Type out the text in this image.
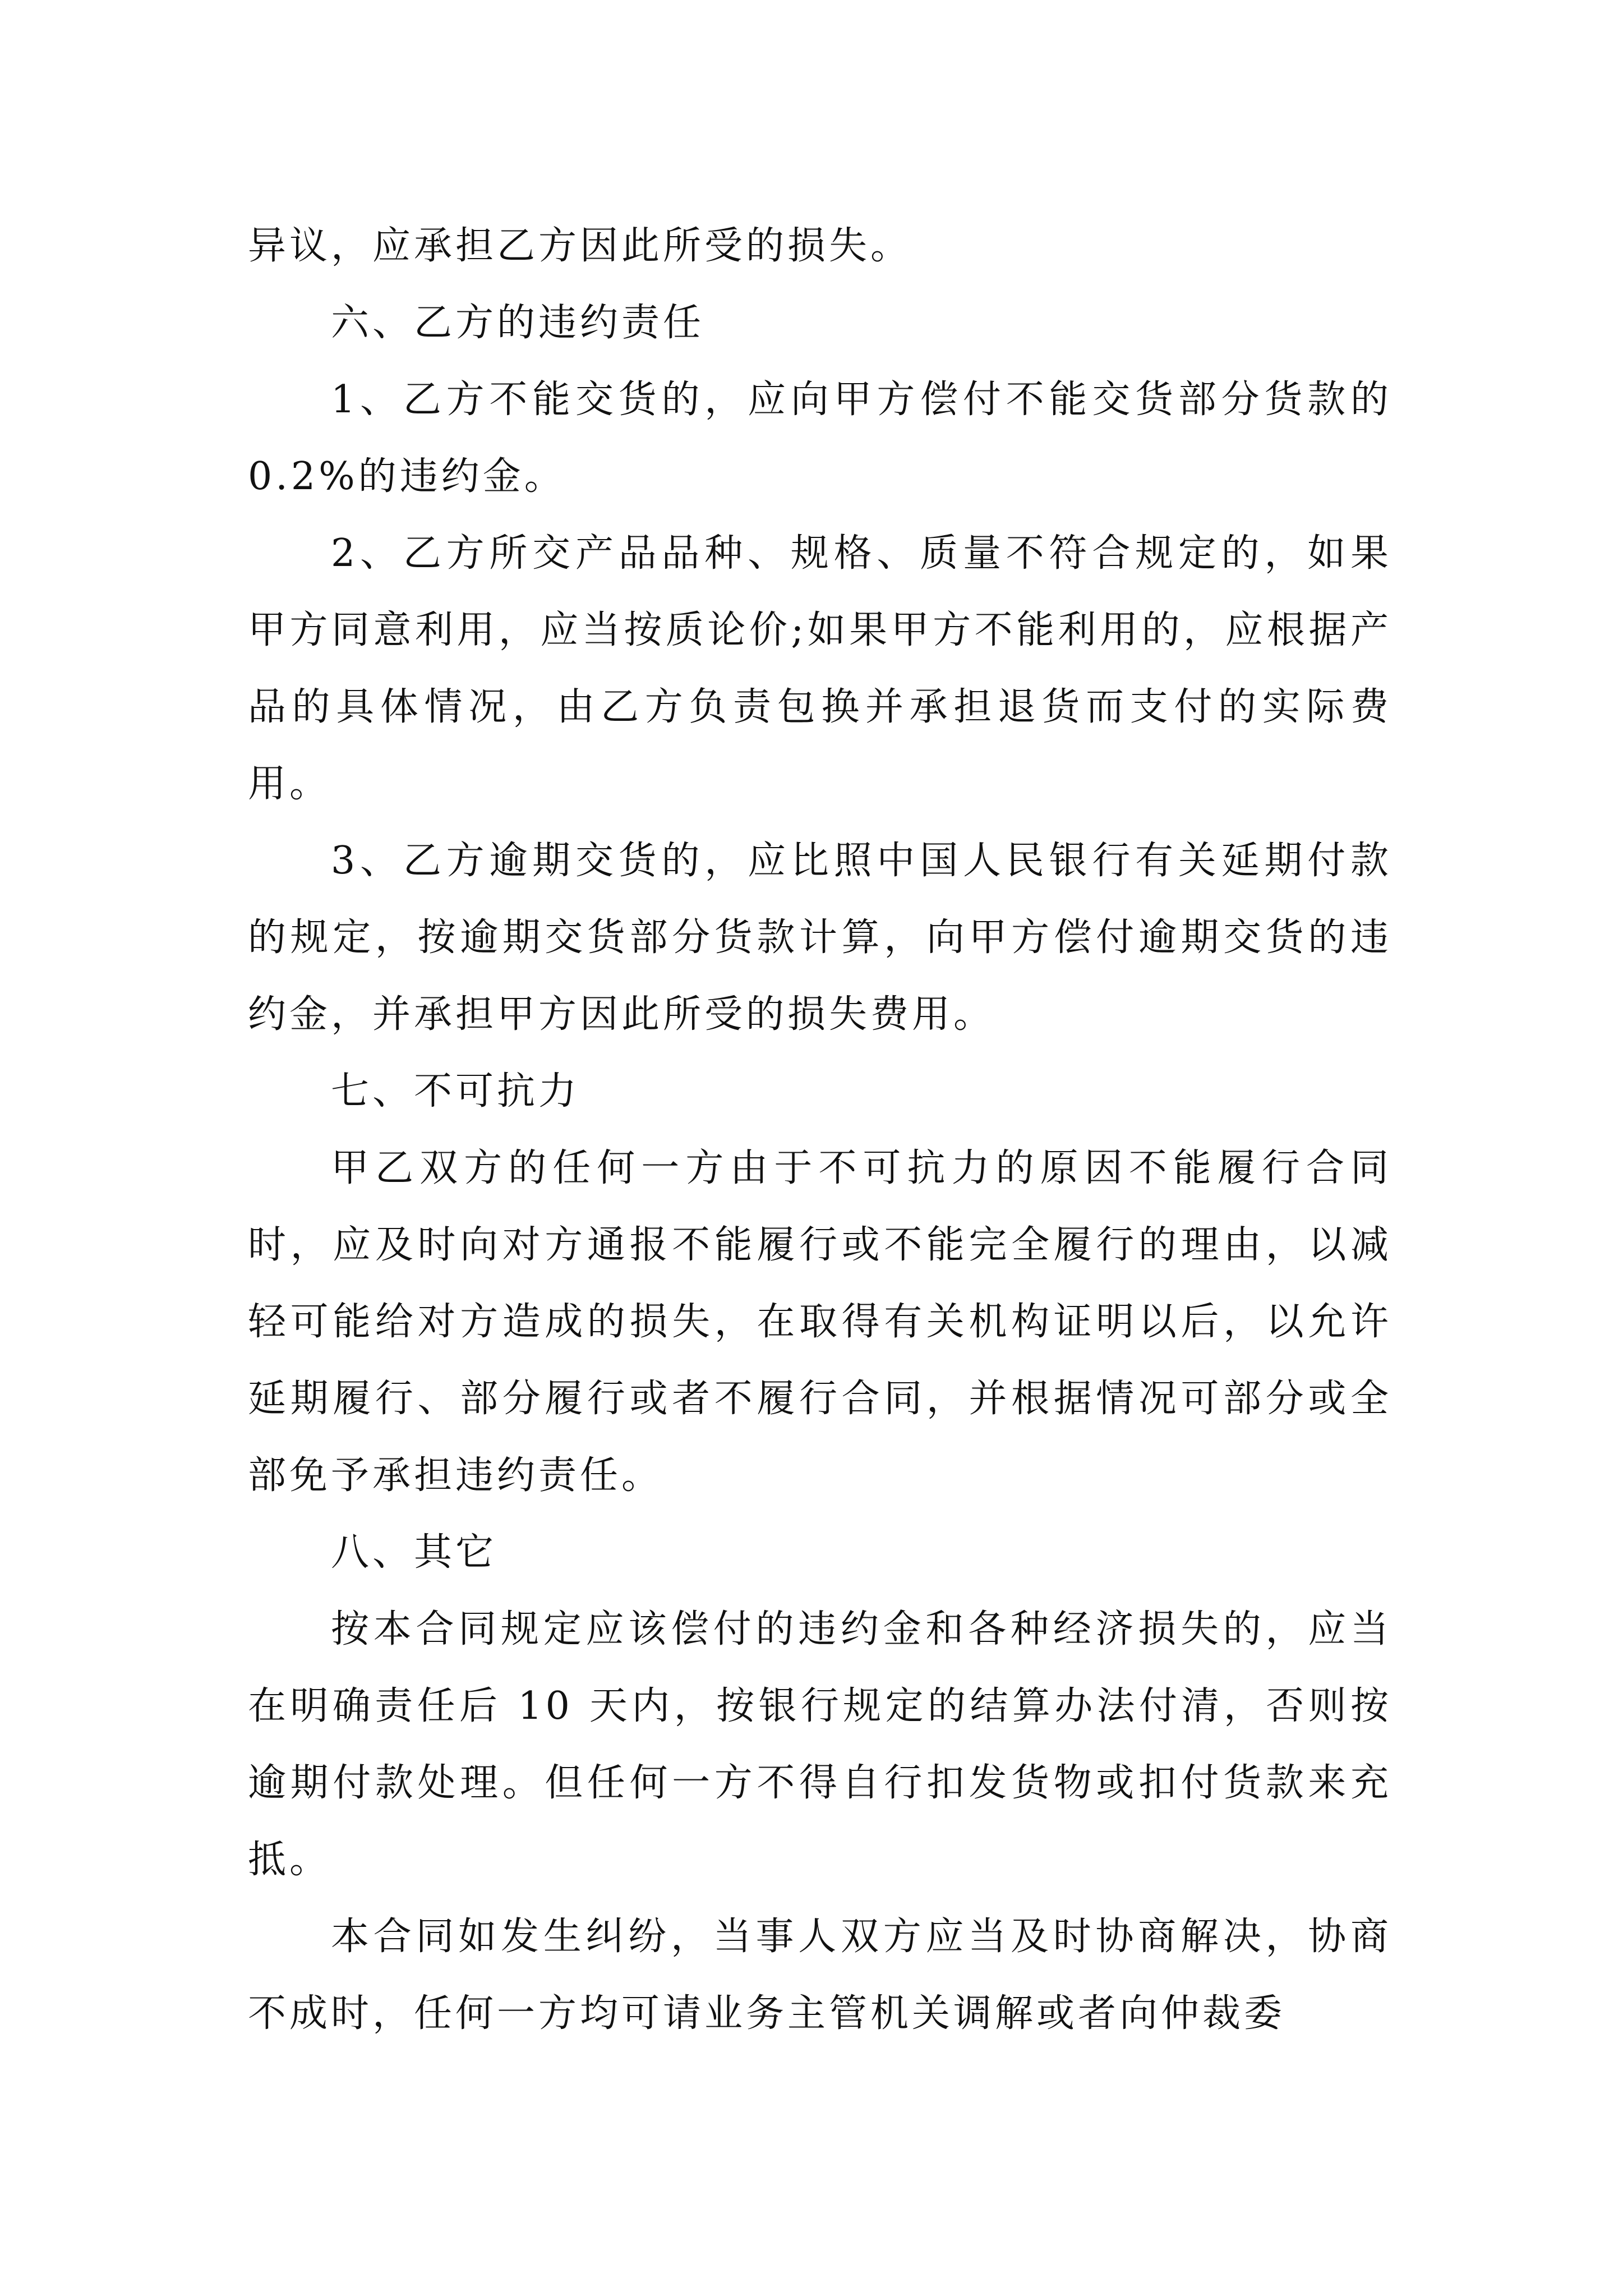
异议，应承担乙方因此所受的损失。

六、乙方的违约责任

1、乙方不能交货的，应向甲方偿付不能交货部分货款的 0.2%的违约金。

2、乙方所交产品品种、规格、质量不符合规定的，如果甲方同意利用，应当按质论价;如果甲方不能利用的，应根据产品的具体情况，由乙方负责包换并承担退货而支付的实际费用。

3、乙方逾期交货的，应比照中国人民银行有关延期付款的规定，按逾期交货部分货款计算，向甲方偿付逾期交货的违约金，并承担甲方因此所受的损失费用。

七、不可抗力

甲乙双方的任何一方由于不可抗力的原因不能履行合同时，应及时向对方通报不能履行或不能完全履行的理由，以减轻可能给对方造成的损失，在取得有关机构证明以后，以允许延期履行、部分履行或者不履行合同，并根据情况可部分或全部免予承担违约责任。

八、其它

按本合同规定应该偿付的违约金和各种经济损失的，应当在明确责任后 10 天内，按银行规定的结算办法付清，否则按逾期付款处理。但任何一方不得自行扣发货物或扣付货款来充抵。

本合同如发生纠纷，当事人双方应当及时协商解决，协商不成时，任何一方均可请业务主管机关调解或者向仲裁委
